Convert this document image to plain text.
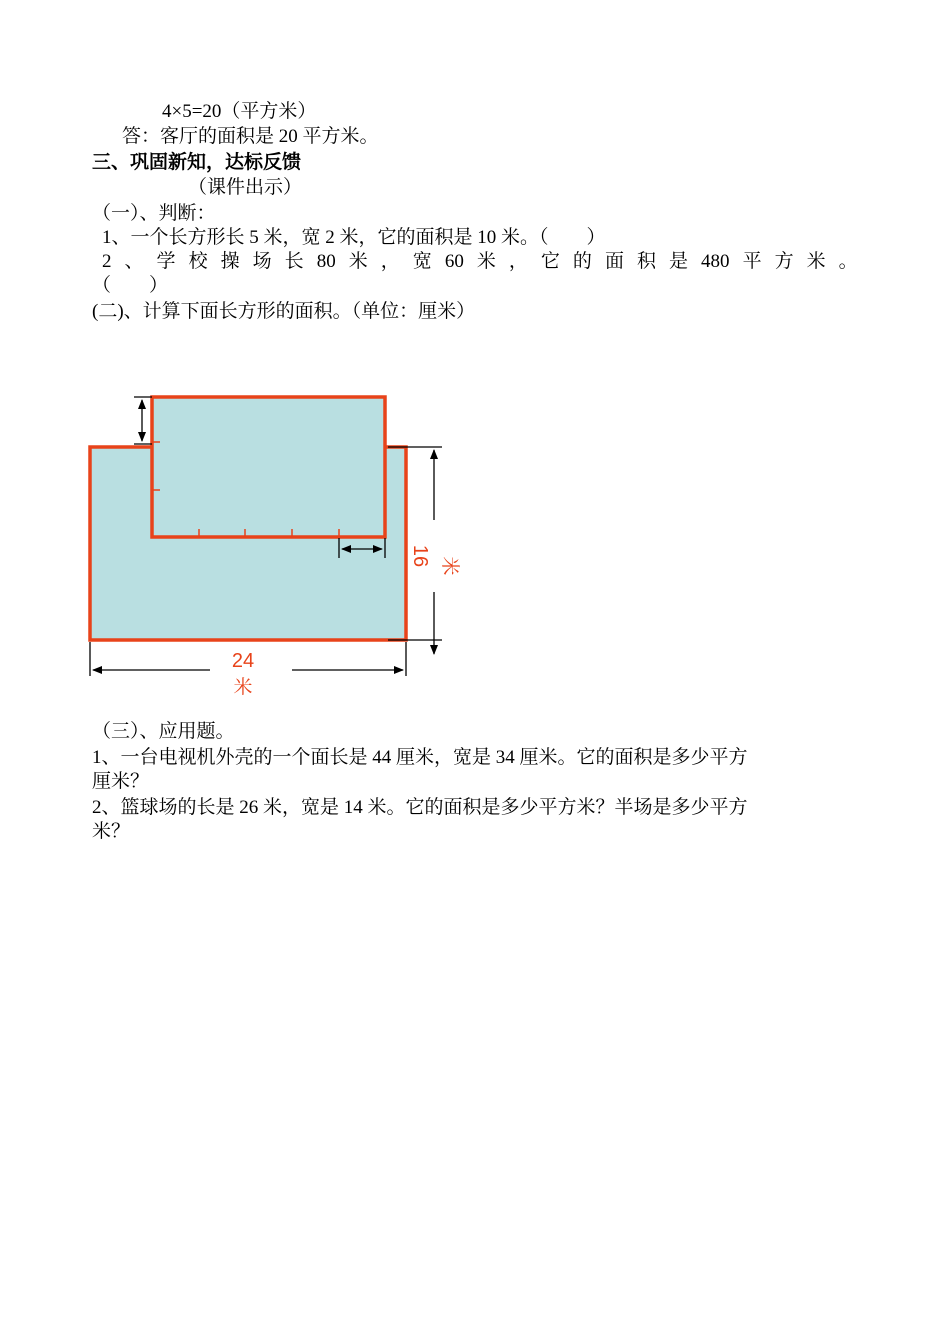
4×5=20（平方米）
答：客厅的面积是 20 平方米。
三、巩固新知，达标反馈
（课件出示）
（一）、判断：
1、一个长方形长 5 米，宽 2 米，它的面积是 10 米。（　　）
2 、 学 校 操 场 长 80 米 ， 宽 60 米 ， 它 的 面 积 是 480 平 方 米 。
（　　）
(二)、计算下面长方形的面积。（单位：厘米）
16 米
24
米
（三）、应用题。
1、一台电视机外壳的一个面长是 44 厘米，宽是 34 厘米。它的面积是多少平方
厘米？
2、篮球场的长是 26 米，宽是 14 米。它的面积是多少平方米？半场是多少平方
米？
